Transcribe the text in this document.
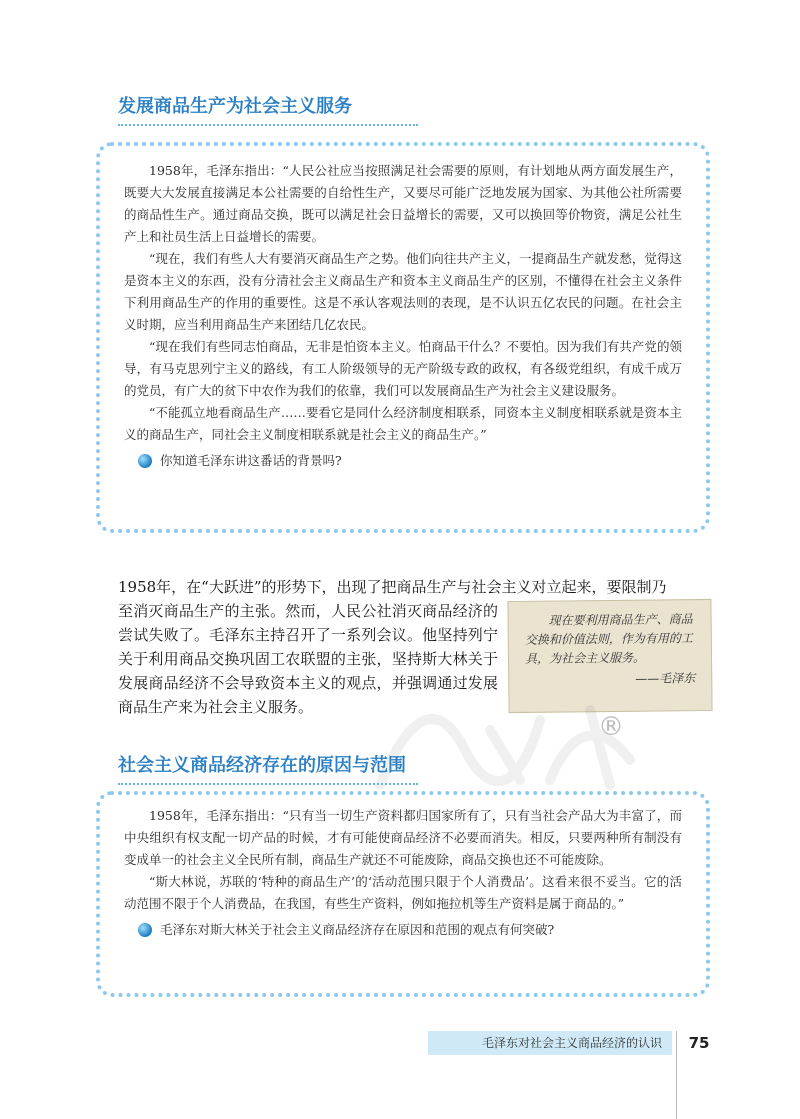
发展商品生产为社会主义服务

1958年，毛泽东指出：“人民公社应当按照满足社会需要的原则，有计划地从两方面发展生产，既要大大发展直接满足本公社需要的自给性生产，又要尽可能广泛地发展为国家、为其他公社所需要的商品性生产。通过商品交换，既可以满足社会日益增长的需要，又可以换回等价物资，满足公社生产上和社员生活上日益增长的需要。

“现在，我们有些人大有要消灭商品生产之势。他们向往共产主义，一提商品生产就发愁，觉得这是资本主义的东西，没有分清社会主义商品生产和资本主义商品生产的区别，不懂得在社会主义条件下利用商品生产的作用的重要性。这是不承认客观法则的表现，是不认识五亿农民的问题。在社会主义时期，应当利用商品生产来团结几亿农民。

“现在我们有些同志怕商品，无非是怕资本主义。怕商品干什么？不要怕。因为我们有共产党的领导，有马克思列宁主义的路线，有工人阶级领导的无产阶级专政的政权，有各级党组织，有成千成万的党员，有广大的贫下中农作为我们的依靠，我们可以发展商品生产为社会主义建设服务。

“不能孤立地看商品生产……要看它是同什么经济制度相联系，同资本主义制度相联系就是资本主义的商品生产，同社会主义制度相联系就是社会主义的商品生产。”

你知道毛泽东讲这番话的背景吗?
1958年，在“大跃进”的形势下，出现了把商品生产与社会主义对立起来，要限制乃
至消灭商品生产的主张。然而，人民公社消灭商品经济的尝试失败了。毛泽东主持召开了一系列会议。他坚持列宁关于利用商品交换巩固工农联盟的主张，坚持斯大林关于发展商品经济不会导致资本主义的观点，并强调通过发展商品生产来为社会主义服务。

现在要利用商品生产、商品交换和价值法则，作为有用的工具，为社会主义服务。

——毛泽东
®
社会主义商品经济存在的原因与范围

1958年，毛泽东指出：“只有当一切生产资料都归国家所有了，只有当社会产品大为丰富了，而中央组织有权支配一切产品的时候，才有可能使商品经济不必要而消失。相反，只要两种所有制没有变成单一的社会主义全民所有制，商品生产就还不可能废除，商品交换也还不可能废除。

“斯大林说，苏联的‘特种的商品生产’的‘活动范围只限于个人消费品’。这看来很不妥当。它的活动范围不限于个人消费品，在我国，有些生产资料，例如拖拉机等生产资料是属于商品的。”

毛泽东对斯大林关于社会主义商品经济存在原因和范围的观点有何突破?
毛泽东对社会主义商品经济的认识	75
